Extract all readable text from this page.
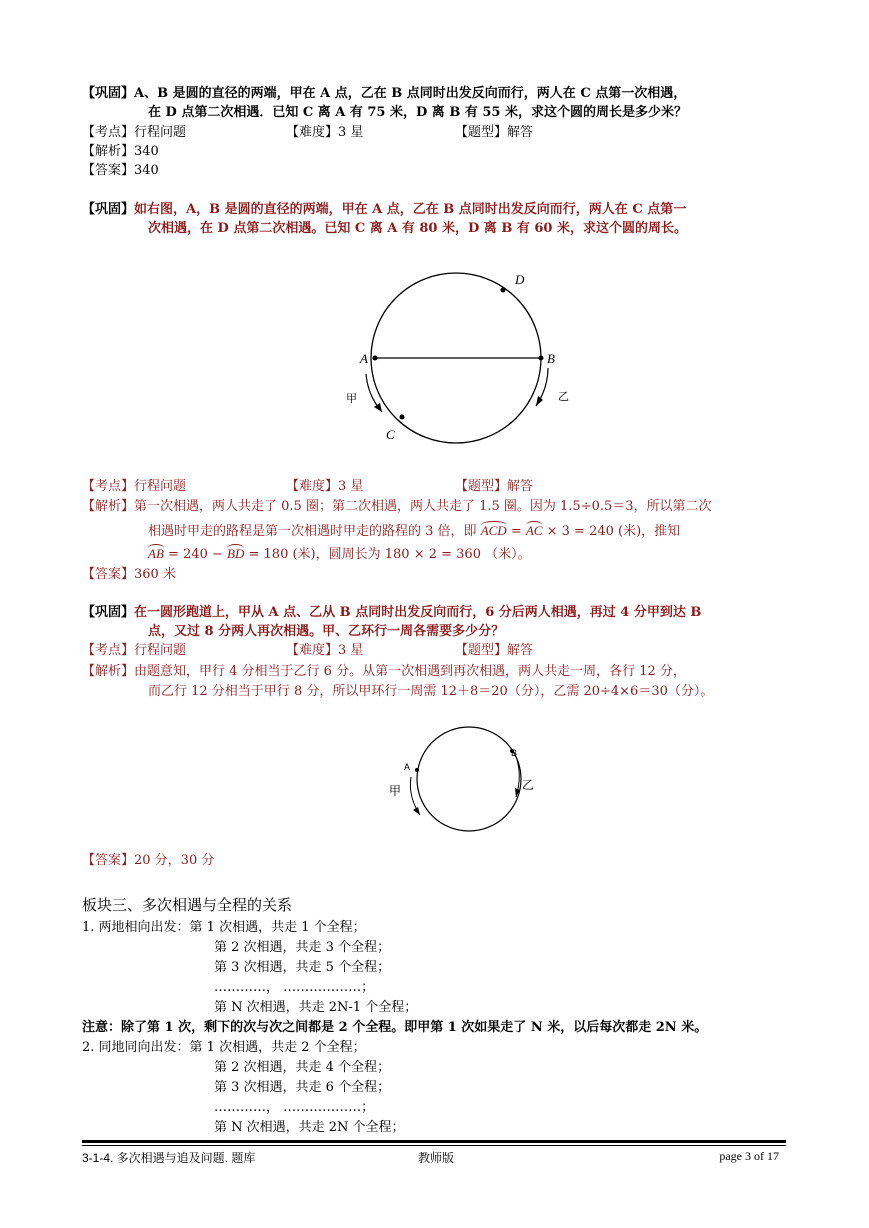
【巩固】A、B 是圆的直径的两端，甲在 A 点，乙在 B 点同时出发反向而行，两人在 C 点第一次相遇，
在 D 点第二次相遇．已知 C 离 A 有 75 米，D 离 B 有 55 米，求这个圆的周长是多少米？
【考点】行程问题	【难度】3 星	【题型】解答
【解析】340
【答案】340
【巩固】如右图，A，B 是圆的直径的两端，甲在 A 点，乙在 B 点同时出发反向而行，两人在 C 点第一
次相遇，在 D 点第二次相遇。已知 C 离 A 有 80 米，D 离 B 有 60 米，求这个圆的周长。
A	B
D
C
甲	乙
【考点】行程问题	【难度】3 星	【题型】解答
【解析】第一次相遇，两人共走了 0.5 圈；第二次相遇，两人共走了 1.5 圈。因为 1.5÷0.5＝3，所以第二次
相遇时甲走的路程是第一次相遇时甲走的路程的 3 倍，即 ACD = AC × 3 = 240 (米)，推知
AB = 240 − BD = 180 (米)，圆周长为 180 × 2 = 360 （米）。
【答案】360 米
【巩固】在一圆形跑道上，甲从 A 点、乙从 B 点同时出发反向而行，6 分后两人相遇，再过 4 分甲到达 B
点，又过 8 分两人再次相遇。甲、乙环行一周各需要多少分？
【考点】行程问题	【难度】3 星	【题型】解答
【解析】由题意知，甲行 4 分相当于乙行 6 分。从第一次相遇到再次相遇，两人共走一周，各行 12 分，
而乙行 12 分相当于甲行 8 分，所以甲环行一周需 12＋8＝20（分），乙需 20÷4×6＝30（分）。
A
B
甲	乙
【答案】20 分，30 分
板块三、多次相遇与全程的关系
1. 两地相向出发：第 1 次相遇，共走 1 个全程；
第 2 次相遇，共走 3 个全程；
第 3 次相遇，共走 5 个全程；
…………， ………………；
第 N 次相遇，共走 2N-1 个全程；
注意：除了第 1 次，剩下的次与次之间都是 2 个全程。即甲第 1 次如果走了 N 米，以后每次都走 2N 米。
2. 同地同向出发：第 1 次相遇，共走 2 个全程；
第 2 次相遇，共走 4 个全程；
第 3 次相遇，共走 6 个全程；
…………， ………………；
第 N 次相遇，共走 2N 个全程；
3-1-4. 多次相遇与追及问题. 题库	教师版	page 3 of 17
